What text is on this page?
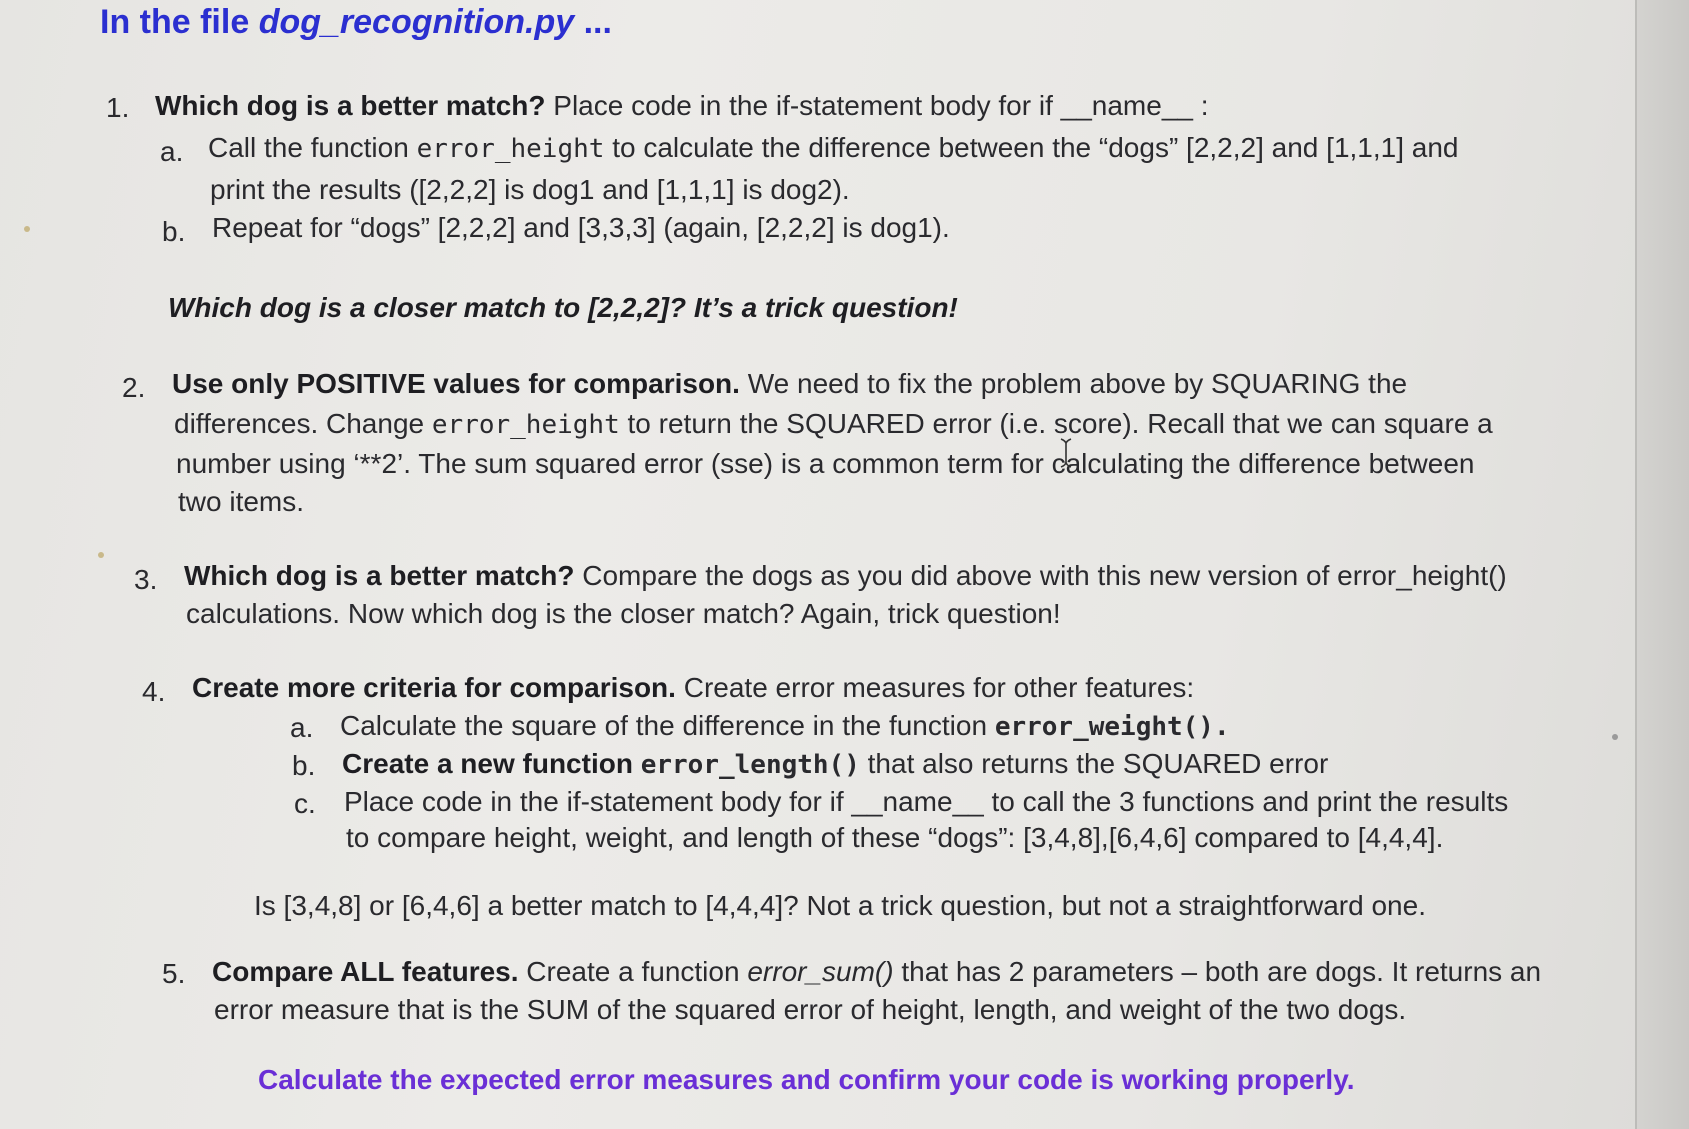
In the file dog_recognition.py ...
1. Which dog is a better match? Place code in the if-statement body for if __name__ :
a. Call the function error_height to calculate the difference between the “dogs” [2,2,2] and [1,1,1] and
print the results ([2,2,2] is dog1 and [1,1,1] is dog2).
b. Repeat for “dogs” [2,2,2] and [3,3,3] (again, [2,2,2] is dog1).
Which dog is a closer match to [2,2,2]? It’s a trick question!
2. Use only POSITIVE values for comparison. We need to fix the problem above by SQUARING the
differences. Change error_height to return the SQUARED error (i.e. score). Recall that we can square a
number using ‘**2’. The sum squared error (sse) is a common term for calculating the difference between
two items.
3. Which dog is a better match? Compare the dogs as you did above with this new version of error_height()
calculations. Now which dog is the closer match? Again, trick question!
4. Create more criteria for comparison. Create error measures for other features:
a. Calculate the square of the difference in the function error_weight().
b. Create a new function error_length() that also returns the SQUARED error
c. Place code in the if-statement body for if __name__ to call the 3 functions and print the results
to compare height, weight, and length of these “dogs”: [3,4,8],[6,4,6] compared to [4,4,4].
Is [3,4,8] or [6,4,6] a better match to [4,4,4]? Not a trick question, but not a straightforward one.
5. Compare ALL features. Create a function error_sum() that has 2 parameters – both are dogs. It returns an
error measure that is the SUM of the squared error of height, length, and weight of the two dogs.
Calculate the expected error measures and confirm your code is working properly.
